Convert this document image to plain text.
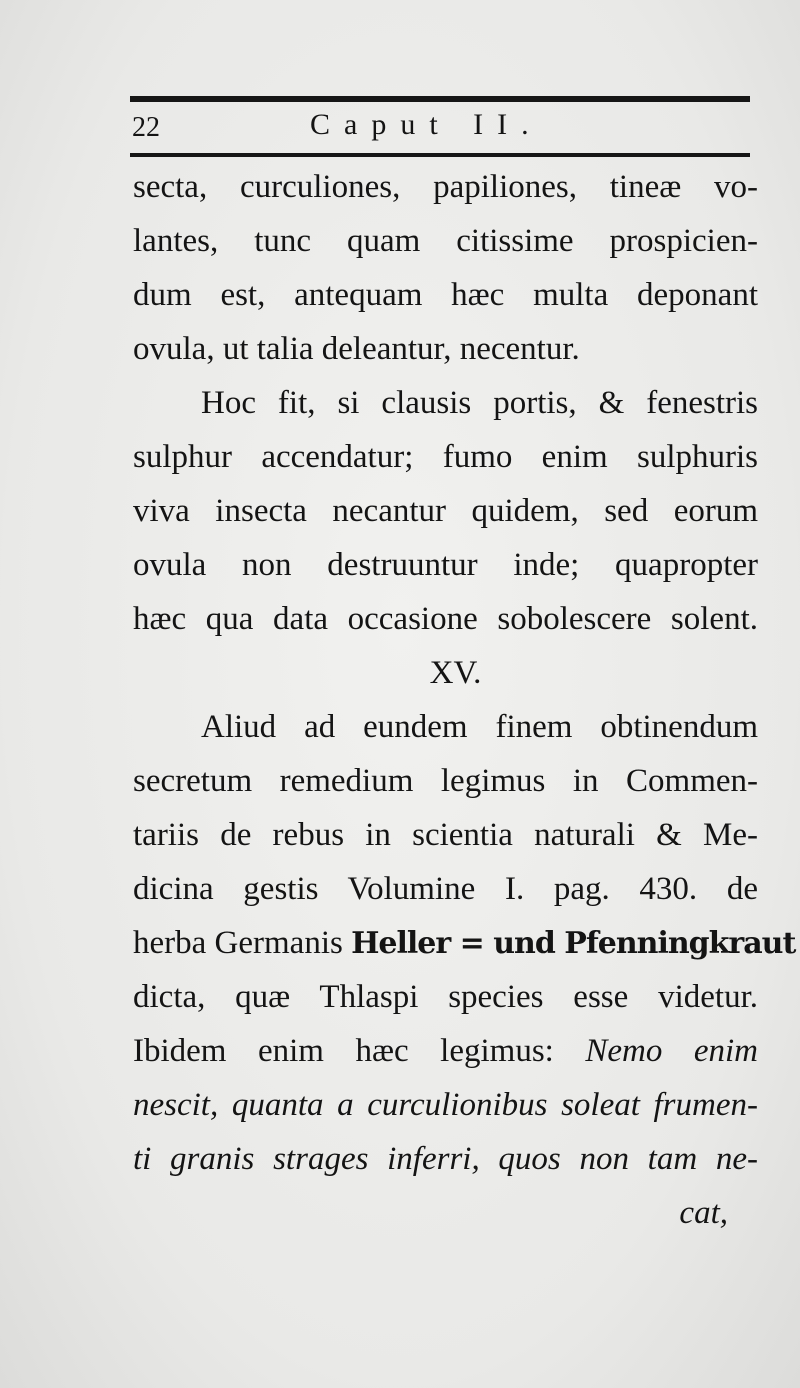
22	Caput II.
secta, curculiones, papiliones, tineæ vo-
lantes, tunc quam citissime prospicien-
dum est, antequam hæc multa deponant
ovula, ut talia deleantur, necentur.
Hoc fit, si clausis portis, & fenestris
sulphur accendatur; fumo enim sulphuris
viva insecta necantur quidem, sed eorum
ovula non destruuntur inde; quapropter
hæc qua data occasione sobolescere solent.
XV.
Aliud ad eundem finem obtinendum
secretum remedium legimus in Commen-
tariis de rebus in scientia naturali & Me-
dicina gestis Volumine I. pag. 430. de
herba Germanis Heller = und Pfenningkraut
dicta, quæ Thlaspi species esse videtur.
Ibidem enim hæc legimus: Nemo enim
nescit, quanta a curculionibus soleat frumen-
ti granis strages inferri, quos non tam ne-
cat,
